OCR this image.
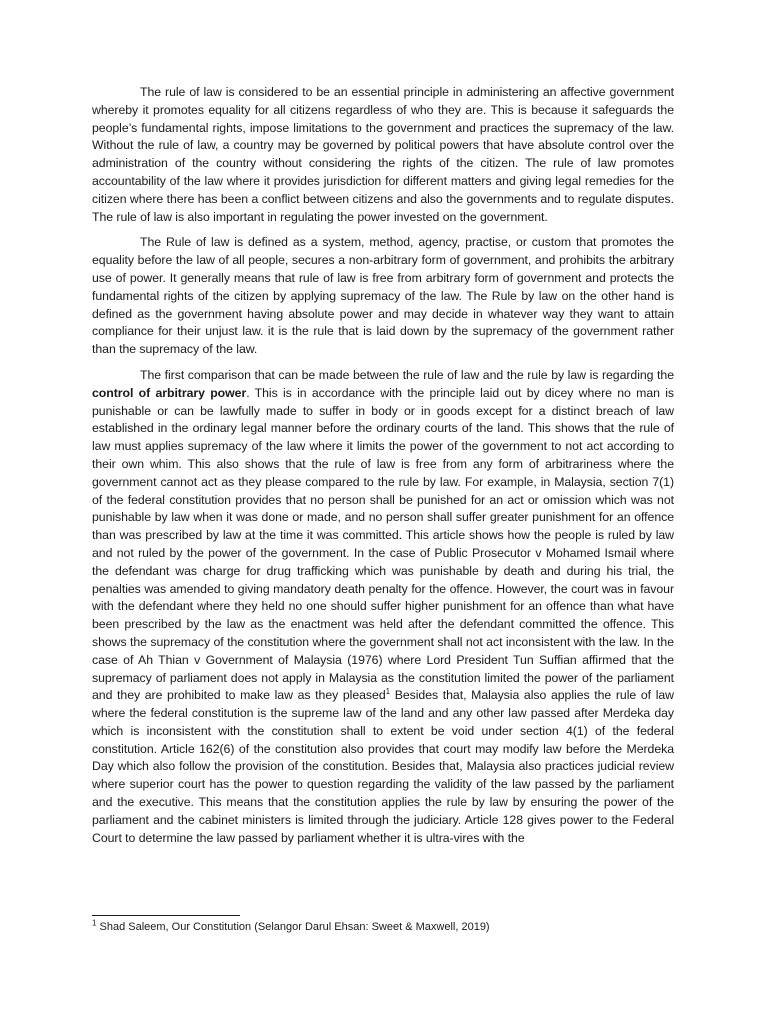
The rule of law is considered to be an essential principle in administering an affective government whereby it promotes equality for all citizens regardless of who they are. This is because it safeguards the people’s fundamental rights, impose limitations to the government and practices the supremacy of the law. Without the rule of law, a country may be governed by political powers that have absolute control over the administration of the country without considering the rights of the citizen. The rule of law promotes accountability of the law where it provides jurisdiction for different matters and giving legal remedies for the citizen where there has been a conflict between citizens and also the governments and to regulate disputes. The rule of law is also important in regulating the power invested on the government.

The Rule of law is defined as a system, method, agency, practise, or custom that promotes the equality before the law of all people, secures a non-arbitrary form of government, and prohibits the arbitrary use of power. It generally means that rule of law is free from arbitrary form of government and protects the fundamental rights of the citizen by applying supremacy of the law. The Rule by law on the other hand is defined as the government having absolute power and may decide in whatever way they want to attain compliance for their unjust law. it is the rule that is laid down by the supremacy of the government rather than the supremacy of the law.

The first comparison that can be made between the rule of law and the rule by law is regarding the control of arbitrary power. This is in accordance with the principle laid out by dicey where no man is punishable or can be lawfully made to suffer in body or in goods except for a distinct breach of law established in the ordinary legal manner before the ordinary courts of the land. This shows that the rule of law must applies supremacy of the law where it limits the power of the government to not act according to their own whim. This also shows that the rule of law is free from any form of arbitrariness where the government cannot act as they please compared to the rule by law. For example, in Malaysia, section 7(1) of the federal constitution provides that no person shall be punished for an act or omission which was not punishable by law when it was done or made, and no person shall suffer greater punishment for an offence than was prescribed by law at the time it was committed. This article shows how the people is ruled by law and not ruled by the power of the government. In the case of Public Prosecutor v Mohamed Ismail where the defendant was charge for drug trafficking which was punishable by death and during his trial, the penalties was amended to giving mandatory death penalty for the offence. However, the court was in favour with the defendant where they held no one should suffer higher punishment for an offence than what have been prescribed by the law as the enactment was held after the defendant committed the offence. This shows the supremacy of the constitution where the government shall not act inconsistent with the law. In the case of Ah Thian v Government of Malaysia (1976) where Lord President Tun Suffian affirmed that the supremacy of parliament does not apply in Malaysia as the constitution limited the power of the parliament and they are prohibited to make law as they pleased$^1$ Besides that, Malaysia also applies the rule of law where the federal constitution is the supreme law of the land and any other law passed after Merdeka day which is inconsistent with the constitution shall to extent be void under section 4(1) of the federal constitution. Article 162(6) of the constitution also provides that court may modify law before the Merdeka Day which also follow the provision of the constitution. Besides that, Malaysia also practices judicial review where superior court has the power to question regarding the validity of the law passed by the parliament and the executive. This means that the constitution applies the rule by law by ensuring the power of the parliament and the cabinet ministers is limited through the judiciary. Article 128 gives power to the Federal Court to determine the law passed by parliament whether it is ultra-vires with the

$^1$ Shad Saleem, Our Constitution (Selangor Darul Ehsan: Sweet & Maxwell, 2019)
